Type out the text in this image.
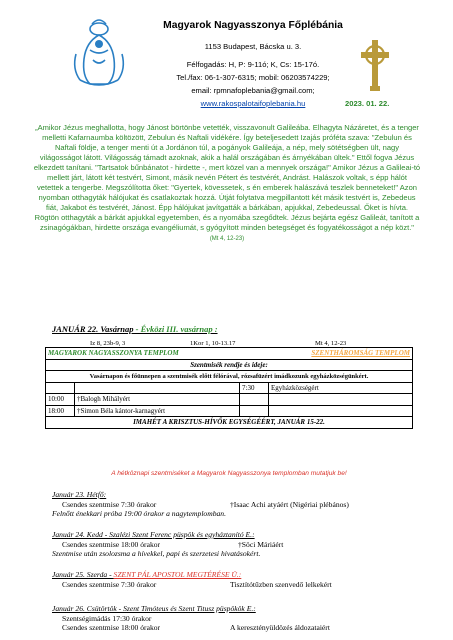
Magyarok Nagyasszonya Főplébánia
1153 Budapest, Bácska u. 3.
Félfogadás: H, P: 9-11ó; K, Cs: 15-17ó.
Tel./fax: 06-1-307-6315; mobil: 06203574229;
email: rpmnafoplebania@gmail.com;
www.rakospalotaifoplebania.hu	2023. 01. 22.
„Amikor Jézus meghallotta, hogy Jánost börtönbe vetették, visszavonult Galileába. Elhagyta Názáretet, és a tenger melletti Kafarnaumba költözött, Zebulun és Naftali vidékére. Így beteljesedett Izajás próféta szava: "Zebulun és Naftali földje, a tenger menti út a Jordánon túl, a pogányok Galileája, a nép, mely sötétségben ült, nagy világosságot látott. Világosság támadt azoknak, akik a halál országában és árnyékában ültek." Ettől fogva Jézus elkezdett tanítani. "Tartsatok bűnbánatot - hirdette -, mert közel van a mennyek országa!" Amikor Jézus a Galileai-tó mellett járt, látott két testvért, Simont, másik nevén Pétert és testvérét, Andrást. Halászok voltak, s épp hálót vetettek a tengerbe. Megszólította őket: "Gyertek, kövessetek, s én emberek halászává teszlek benneteket!" Azon nyomban otthagyták hálójukat és csatlakoztak hozzá. Útját folytatva megpillantott két másik testvért is, Zebedeus fiát, Jakabot és testvérét, Jánost. Épp hálójukat javítgatták a bárkában, apjukkal, Zebedeussal. Őket is hívta. Rögtön otthagyták a bárkát apjukkal egyetemben, és a nyomába szegődtek. Jézus bejárta egész Galileát, tanított a zsinagógákban, hirdette országa evangéliumát, s gyógyított minden betegséget és fogyatékosságot a nép közt."
(Mt 4, 12-23)
JANUÁR 22. Vasárnap - Évközi III. vasárnap :
Iz 8, 23b-9, 3	1Kor 1, 10-13.17	Mt 4, 12-23
MAGYAROK NAGYASSZONYA TEMPLOM		SZENTHÁROMSÁG TEMPLOM	
Szentmisék rendje és ideje:			
Vasárnapon és főünnepen a szentmisék előtt félórával, rózsafüzért imádkozunk egyházközségünkért.			
		7:30	Egyházközségért
10:00	†Balogh Mihályért		
18:00	†Simon Béla kántor-karnagyért		
IMAHÉT A KRISZTUS-HÍVŐK EGYSÉGÉÉRT, JANUÁR 15-22.			
A hétköznapi szentmiséket a Magyarok Nagyasszonya templomban mutatjuk be!
Január 23. Hétfő:
Csendes szentmise 7:30 órakor	†Isaac Achi atyáért (Nigériai plébános)
Felnőtt énekkari próba 19:00 órakor a nagytemplomban.
Január 24. Kedd - Szalézi Szent Ferenc püspök és egyháztanító E.:
Csendes szentmise 18:00 órakor	†Söci Máriáért
Szentmise után zsolozsma a hívekkel, papi és szerzetesi hivatásokért.
Január 25. Szerda - SZENT PÁL APOSTOL MEGTÉRÉSE Ü.:
Csendes szentmise 7:30 órakor	Tisztítótűzben szenvedő lelkekért
Január 26. Csütörtök - Szent Timóteus és Szent Titusz püspökök E.:
Szentségimádás 17:30 órakor
Csendes szentmise 18:00 órakor	A keresztényüldözés áldozataiért
